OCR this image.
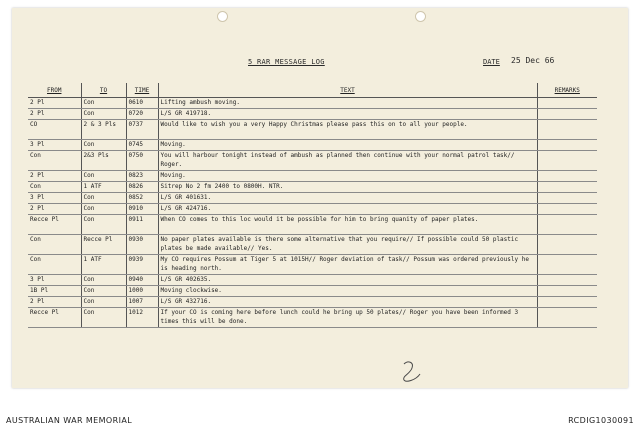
5 RAR MESSAGE LOG	DATE 25 Dec 66
FROM	TO	TIME	TEXT	REMARKS
2 Pl	Con	0610	Lifting ambush moving.	
2 Pl	Con	0720	L/S GR 419718.	
CO	2 & 3 Pls	0737	Would like to wish you a very Happy Christmas please pass this on to all your people.	
3 Pl	Con	0745	Moving.	
Con	2&3 Pls	0750	You will harbour tonight instead of ambush as planned then continue with your normal patrol task// Roger.	
2 Pl	Con	0823	Moving.	
Con	1 ATF	0826	Sitrep No 2 fm 2400 to 0800H. NTR.	
3 Pl	Con	0852	L/S GR 401631.	
2 Pl	Con	0910	L/S GR 424716.	
Recce Pl	Con	0911	When CO comes to this loc would it be possible for him to bring quanity of paper plates.	
Con	Recce Pl	0930	No paper plates available is there some alternative that you require// If possible could 50 plastic plates be made available// Yes.	
Con	1 ATF	0939	My CO requires Possum at Tiger 5 at 1015H// Roger deviation of task// Possum was ordered previously he is heading north.	
3 Pl	Con	0940	L/S GR 402635.	
1B Pl	Con	1000	Moving clockwise.	
2 Pl	Con	1007	L/S GR 432716.	
Recce Pl	Con	1012	If your CO is coming here before lunch could he bring up 50 plates// Roger you have been informed 3 times this will be done.	
AUSTRALIAN WAR MEMORIAL	RCDIG1030091
